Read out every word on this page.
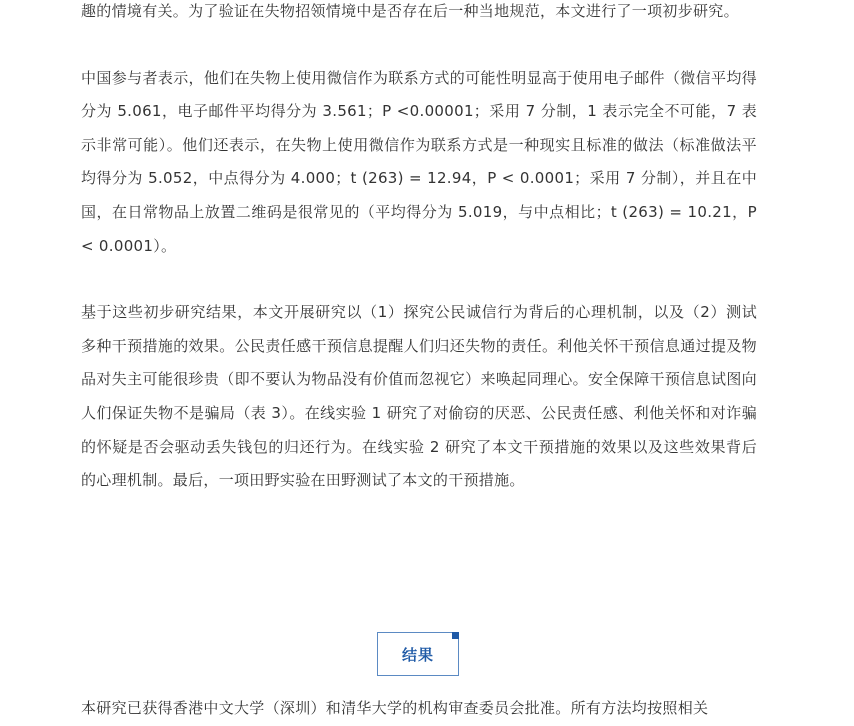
趣的情境有关。为了验证在失物招领情境中是否存在后一种当地规范，本文进行了一项初步研究。

中国参与者表示，他们在失物上使用微信作为联系方式的可能性明显高于使用电子邮件（微信平均得分为 5.061，电子邮件平均得分为 3.561；P <0.00001；采用 7 分制，1 表示完全不可能，7 表示非常可能）。他们还表示，在失物上使用微信作为联系方式是一种现实且标准的做法（标准做法平均得分为 5.052，中点得分为 4.000；t (263) = 12.94，P < 0.0001；采用 7 分制），并且在中国，在日常物品上放置二维码是很常见的（平均得分为 5.019，与中点相比；t (263) = 10.21，P < 0.0001）。

基于这些初步研究结果，本文开展研究以（1）探究公民诚信行为背后的心理机制，以及（2）测试多种干预措施的效果。公民责任感干预信息提醒人们归还失物的责任。利他关怀干预信息通过提及物品对失主可能很珍贵（即不要认为物品没有价值而忽视它）来唤起同理心。安全保障干预信息试图向人们保证失物不是骗局（表 3）。在线实验 1 研究了对偷窃的厌恶、公民责任感、利他关怀和对诈骗的怀疑是否会驱动丢失钱包的归还行为。在线实验 2 研究了本文干预措施的效果以及这些效果背后的心理机制。最后，一项田野实验在田野测试了本文的干预措施。

结果
本研究已获得香港中文大学（深圳）和清华大学的机构审查委员会批准。所有方法均按照相关
